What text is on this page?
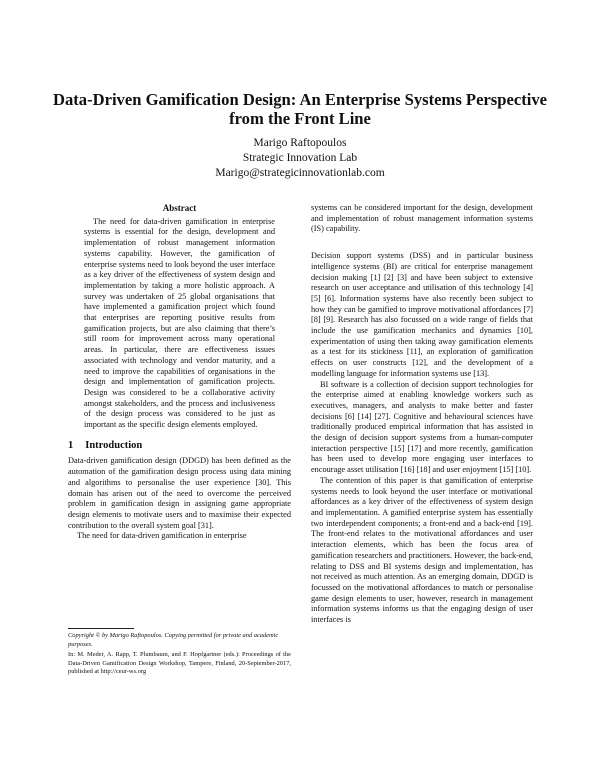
Data-Driven Gamification Design: An Enterprise Systems Perspective from the Front Line
Marigo Raftopoulos
Strategic Innovation Lab
Marigo@strategicinnovationlab.com
Abstract

The need for data-driven gamification in enterprise systems is essential for the design, development and implementation of robust management information systems capability. However, the gamification of enterprise systems need to look beyond the user interface as a key driver of the effectiveness of system design and implementation by taking a more holistic approach. A survey was undertaken of 25 global organisations that have implemented a gamification project which found that enterprises are reporting positive results from gamification projects, but are also claiming that there’s still room for improvement across many operational areas. In particular, there are effectiveness issues associated with technology and vendor maturity, and a need to improve the capabilities of organisations in the design and implementation of gamification projects. Design was considered to be a collaborative activity amongst stakeholders, and the process and inclusiveness of the design process was considered to be just as important as the specific design elements employed.

1 Introduction

Data-driven gamification design (DDGD) has been defined as the automation of the gamification design process using data mining and algorithms to personalise the user experience [30]. This domain has arisen out of the need to overcome the perceived problem in gamification design in assigning game appropriate design elements to motivate users and to maximise their expected contribution to the overall system goal [31].

The need for data-driven gamification in enterprise

Copyright © by Marigo Raftopoulos. Copying permitted for private and academic purposes.

In: M. Meder, A. Rapp, T. Plumbaum, and F. Hopfgartner (eds.): Proceedings of the Data-Driven Gamification Design Workshop, Tampere, Finland, 20-September-2017, published at http://ceur-ws.org

systems can be considered important for the design, development and implementation of robust management information systems (IS) capability.

Decision support systems (DSS) and in particular business intelligence systems (BI) are critical for enterprise management decision making [1] [2] [3] and have been subject to extensive research on user acceptance and utilisation of this technology [4] [5] [6]. Information systems have also recently been subject to how they can be gamified to improve motivational affordances [7] [8] [9]. Research has also focussed on a wide range of fields that include the use gamification mechanics and dynamics [10], experimentation of using then taking away gamification elements as a test for its stickiness [11], an exploration of gamification effects on user constructs [12], and the development of a modelling language for information systems use [13].

BI software is a collection of decision support technologies for the enterprise aimed at enabling knowledge workers such as executives, managers, and analysts to make better and faster decisions [6] [14] [27]. Cognitive and behavioural sciences have traditionally produced empirical information that has assisted in the design of decision support systems from a human-computer interaction perspective [15] [17] and more recently, gamification has been used to develop more engaging user interfaces to encourage asset utilisation [16] [18] and user enjoyment [15] [10].

The contention of this paper is that gamification of enterprise systems needs to look beyond the user interface or motivational affordances as a key driver of the effectiveness of system design and implementation. A gamified enterprise system has essentially two interdependent components; a front-end and a back-end [19]. The front-end relates to the motivational affordances and user interaction elements, which has been the focus area of gamification researchers and practitioners. However, the back-end, relating to DSS and BI systems design and implementation, has not received as much attention. As an emerging domain, DDGD is focussed on the motivational affordances to match or personalise game design elements to user, however, research in management information systems informs us that the engaging design of user interfaces is
